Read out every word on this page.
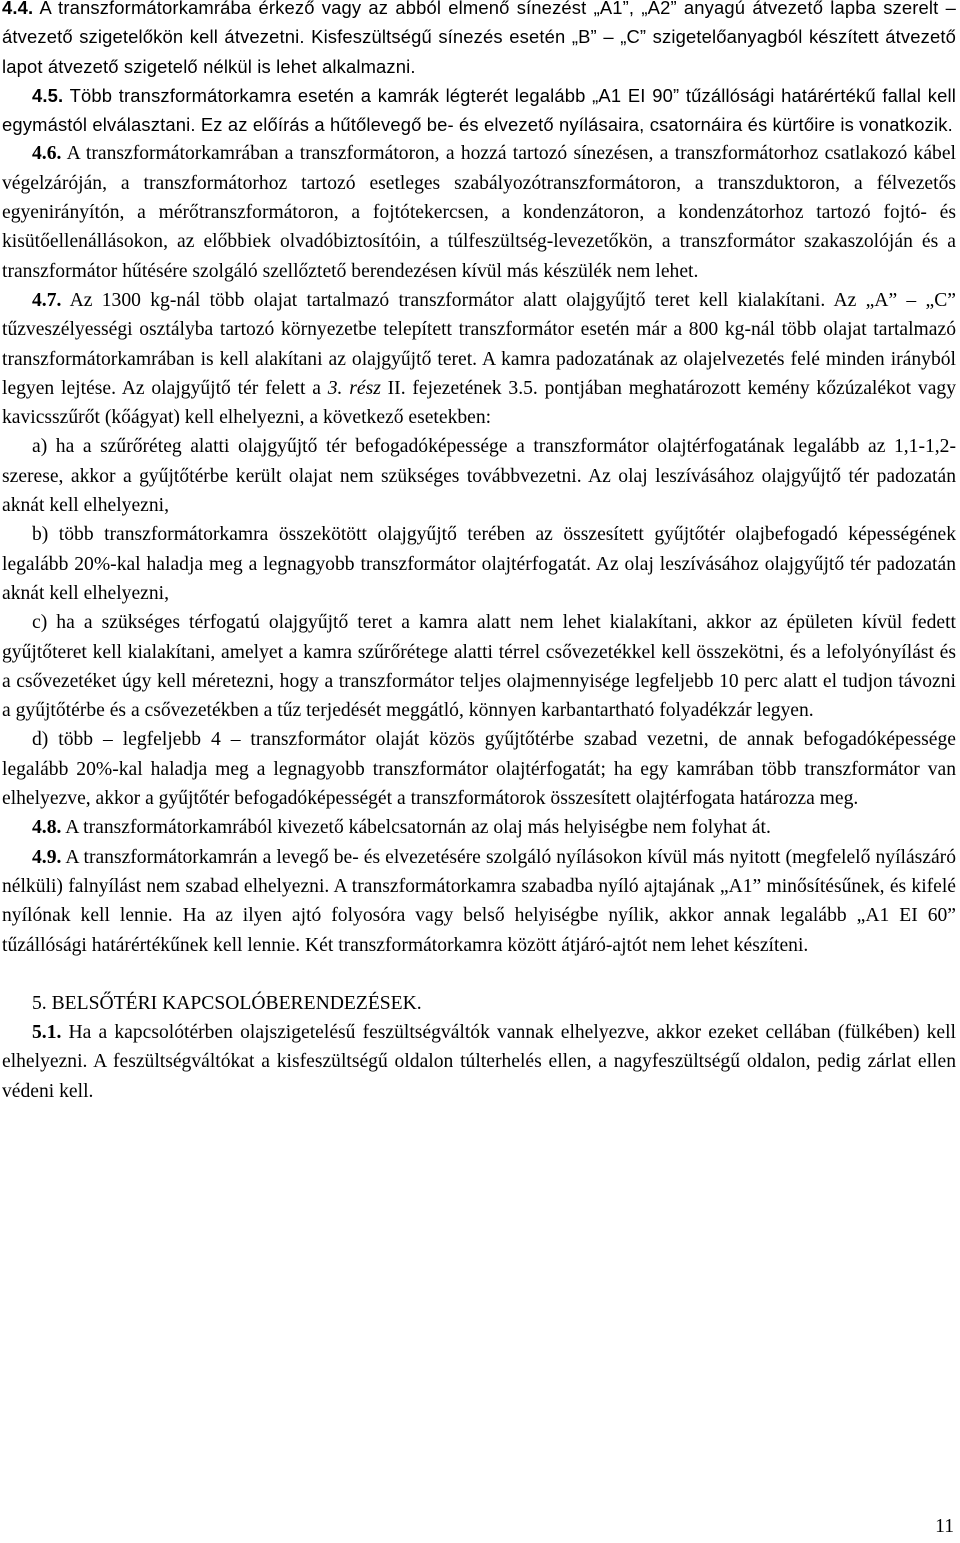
4.4. A transzformátorkamrába érkező vagy az abból elmenő sínezést „A1”, „A2” anyagú átvezető lapba szerelt – átvezető szigetelőkön kell átvezetni. Kisfeszültségű sínezés esetén „B” – „C” szigetelőanyagból készített átvezető lapot átvezető szigetelő nélkül is lehet alkalmazni.

4.5. Több transzformátorkamra esetén a kamrák légterét legalább „A1 EI 90” tűzállósági határértékű fallal kell egymástól elválasztani. Ez az előírás a hűtőlevegő be- és elvezető nyílásaira, csatornáira és kürtőire is vonatkozik.

4.6. A transzformátorkamrában a transzformátoron, a hozzá tartozó sínezésen, a transzformátorhoz csatlakozó kábel végelzáróján, a transzformátorhoz tartozó esetleges szabályozótranszformátoron, a transzduktoron, a félvezetős egyenirányítón, a mérőtranszformátoron, a fojtótekercsen, a kondenzátoron, a kondenzátorhoz tartozó fojtó- és kisütőellenállásokon, az előbbiek olvadóbiztosítóin, a túlfeszültség-levezetőkön, a transzformátor szakaszolóján és a transzformátor hűtésére szolgáló szellőztető berendezésen kívül más készülék nem lehet.

4.7. Az 1300 kg-nál több olajat tartalmazó transzformátor alatt olajgyűjtő teret kell kialakítani. Az „A” – „C” tűzveszélyességi osztályba tartozó környezetbe telepített transzformátor esetén már a 800 kg-nál több olajat tartalmazó transzformátorkamrában is kell alakítani az olajgyűjtő teret. A kamra padozatának az olajelvezetés felé minden irányból legyen lejtése. Az olajgyűjtő tér felett a 3. rész II. fejezetének 3.5. pontjában meghatározott kemény kőzúzalékot vagy kavicsszűrőt (kőágyat) kell elhelyezni, a következő esetekben:

a) ha a szűrőréteg alatti olajgyűjtő tér befogadóképessége a transzformátor olajtérfogatának legalább az 1,1-1,2-szerese, akkor a gyűjtőtérbe került olajat nem szükséges továbbvezetni. Az olaj leszívásához olajgyűjtő tér padozatán aknát kell elhelyezni,

b) több transzformátorkamra összekötött olajgyűjtő terében az összesített gyűjtőtér olajbefogadó képességének legalább 20%-kal haladja meg a legnagyobb transzformátor olajtérfogatát. Az olaj leszívásához olajgyűjtő tér padozatán aknát kell elhelyezni,

c) ha a szükséges térfogatú olajgyűjtő teret a kamra alatt nem lehet kialakítani, akkor az épületen kívül fedett gyűjtőteret kell kialakítani, amelyet a kamra szűrőrétege alatti térrel csővezetékkel kell összekötni, és a lefolyónyílást és a csővezetéket úgy kell méretezni, hogy a transzformátor teljes olajmennyisége legfeljebb 10 perc alatt el tudjon távozni a gyűjtőtérbe és a csővezetékben a tűz terjedését meggátló, könnyen karbantartható folyadékzár legyen.

d) több – legfeljebb 4 – transzformátor olaját közös gyűjtőtérbe szabad vezetni, de annak befogadóképessége legalább 20%-kal haladja meg a legnagyobb transzformátor olajtérfogatát; ha egy kamrában több transzformátor van elhelyezve, akkor a gyűjtőtér befogadóképességét a transzformátorok összesített olajtérfogata határozza meg.

4.8. A transzformátorkamrából kivezető kábelcsatornán az olaj más helyiségbe nem folyhat át.

4.9. A transzformátorkamrán a levegő be- és elvezetésére szolgáló nyílásokon kívül más nyitott (megfelelő nyílászáró nélküli) falnyílást nem szabad elhelyezni. A transzformátorkamra szabadba nyíló ajtajának „A1” minősítésűnek, és kifelé nyílónak kell lennie. Ha az ilyen ajtó folyosóra vagy belső helyiségbe nyílik, akkor annak legalább „A1 EI 60” tűzállósági határértékűnek kell lennie. Két transzformátorkamra között átjáró-ajtót nem lehet készíteni.

5. BELSŐTÉRI KAPCSOLÓBERENDEZÉSEK.

5.1. Ha a kapcsolótérben olajszigetelésű feszültségváltók vannak elhelyezve, akkor ezeket cellában (fülkében) kell elhelyezni. A feszültségváltókat a kisfeszültségű oldalon túlterhelés ellen, a nagyfeszültségű oldalon, pedig zárlat ellen védeni kell.

11
